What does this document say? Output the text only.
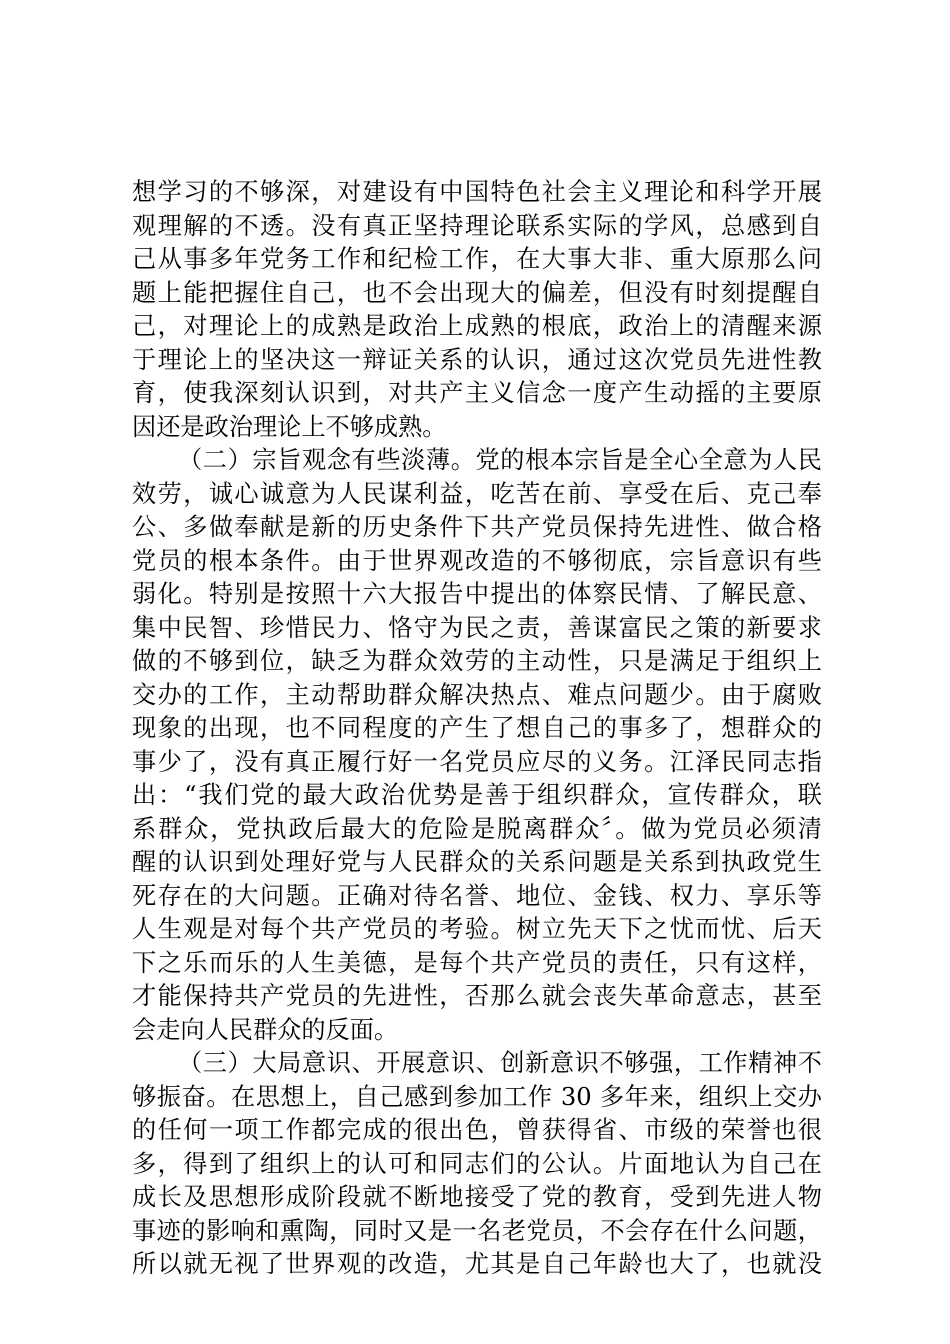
想学习的不够深，对建设有中国特色社会主义理论和科学开展
观理解的不透。没有真正坚持理论联系实际的学风，总感到自
己从事多年党务工作和纪检工作，在大事大非、重大原那么问
题上能把握住自己，也不会出现大的偏差，但没有时刻提醒自
己，对理论上的成熟是政治上成熟的根底，政治上的清醒来源
于理论上的坚决这一辩证关系的认识，通过这次党员先进性教
育，使我深刻认识到，对共产主义信念一度产生动摇的主要原
因还是政治理论上不够成熟。
（二）宗旨观念有些淡薄。党的根本宗旨是全心全意为人民
效劳，诚心诚意为人民谋利益，吃苦在前、享受在后、克己奉
公、多做奉献是新的历史条件下共产党员保持先进性、做合格
党员的根本条件。由于世界观改造的不够彻底，宗旨意识有些
弱化。特别是按照十六大报告中提出的体察民情、了解民意、
集中民智、珍惜民力、恪守为民之责，善谋富民之策的新要求
做的不够到位，缺乏为群众效劳的主动性，只是满足于组织上
交办的工作，主动帮助群众解决热点、难点问题少。由于腐败
现象的出现，也不同程度的产生了想自己的事多了，想群众的
事少了，没有真正履行好一名党员应尽的义务。江泽民同志指
出：“我们党的最大政治优势是善于组织群众，宣传群众，联
系群众，党执政后最大的危险是脱离群众〞。做为党员必须清
醒的认识到处理好党与人民群众的关系问题是关系到执政党生
死存在的大问题。正确对待名誉、地位、金钱、权力、享乐等
人生观是对每个共产党员的考验。树立先天下之忧而忧、后天
下之乐而乐的人生美德，是每个共产党员的责任，只有这样，
才能保持共产党员的先进性，否那么就会丧失革命意志，甚至
会走向人民群众的反面。
（三）大局意识、开展意识、创新意识不够强，工作精神不
够振奋。在思想上，自己感到参加工作 30 多年来，组织上交办
的任何一项工作都完成的很出色，曾获得省、市级的荣誉也很
多，得到了组织上的认可和同志们的公认。片面地认为自己在
成长及思想形成阶段就不断地接受了党的教育，受到先进人物
事迹的影响和熏陶，同时又是一名老党员，不会存在什么问题，
所以就无视了世界观的改造，尤其是自己年龄也大了，也就没
